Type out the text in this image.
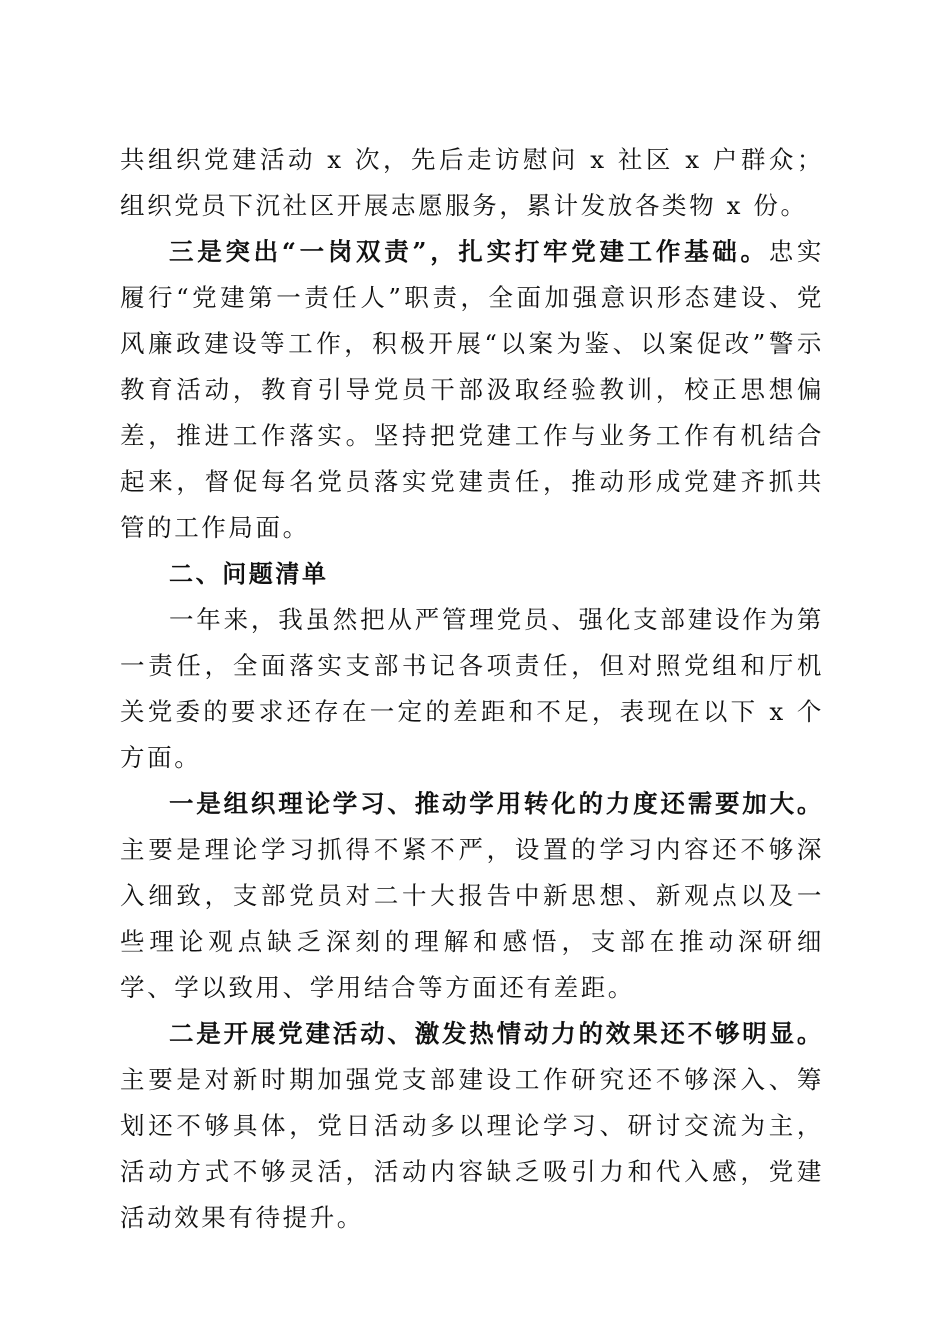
共组织党建活动 x 次，先后走访慰问 x 社区 x 户群众；组织党员下沉社区开展志愿服务，累计发放各类物 x 份。

三是突出“一岗双责”，扎实打牢党建工作基础。忠实履行“党建第一责任人”职责，全面加强意识形态建设、党风廉政建设等工作，积极开展“以案为鉴、以案促改”警示教育活动，教育引导党员干部汲取经验教训，校正思想偏差，推进工作落实。坚持把党建工作与业务工作有机结合起来，督促每名党员落实党建责任，推动形成党建齐抓共管的工作局面。

二、问题清单

一年来，我虽然把从严管理党员、强化支部建设作为第一责任，全面落实支部书记各项责任，但对照党组和厅机关党委的要求还存在一定的差距和不足，表现在以下 x 个方面。

一是组织理论学习、推动学用转化的力度还需要加大。主要是理论学习抓得不紧不严，设置的学习内容还不够深入细致，支部党员对二十大报告中新思想、新观点以及一些理论观点缺乏深刻的理解和感悟，支部在推动深研细学、学以致用、学用结合等方面还有差距。

二是开展党建活动、激发热情动力的效果还不够明显。主要是对新时期加强党支部建设工作研究还不够深入、筹划还不够具体，党日活动多以理论学习、研讨交流为主，活动方式不够灵活，活动内容缺乏吸引力和代入感，党建活动效果有待提升。
